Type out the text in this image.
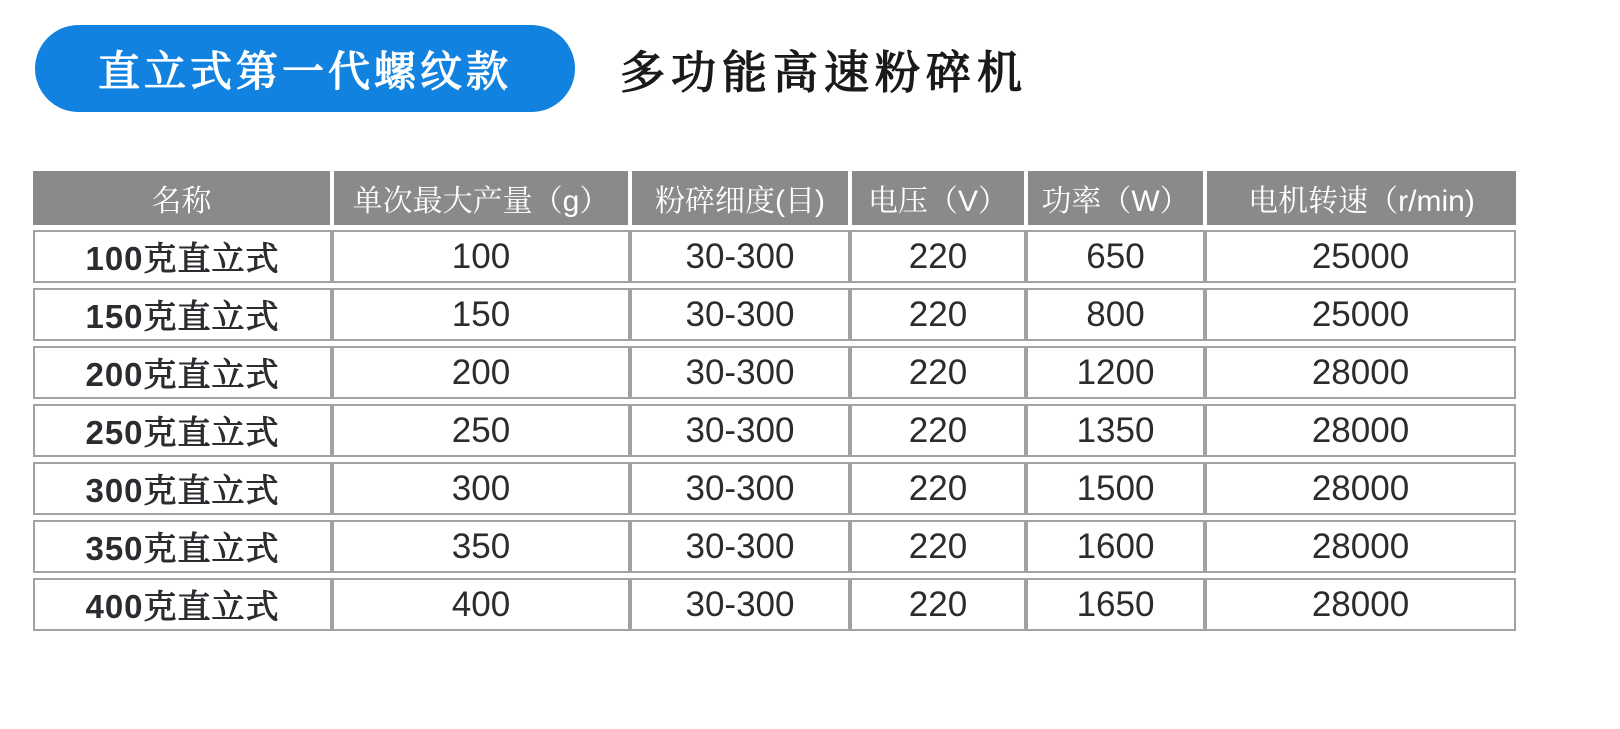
直立式第一代螺纹款 多功能高速粉碎机
名称	单次最大产量（g）	粉碎细度(目)	电压（V）	功率（W）	电机转速（r/min)
100克直立式	100	30-300	220	650	25000
150克直立式	150	30-300	220	800	25000
200克直立式	200	30-300	220	1200	28000
250克直立式	250	30-300	220	1350	28000
300克直立式	300	30-300	220	1500	28000
350克直立式	350	30-300	220	1600	28000
400克直立式	400	30-300	220	1650	28000
